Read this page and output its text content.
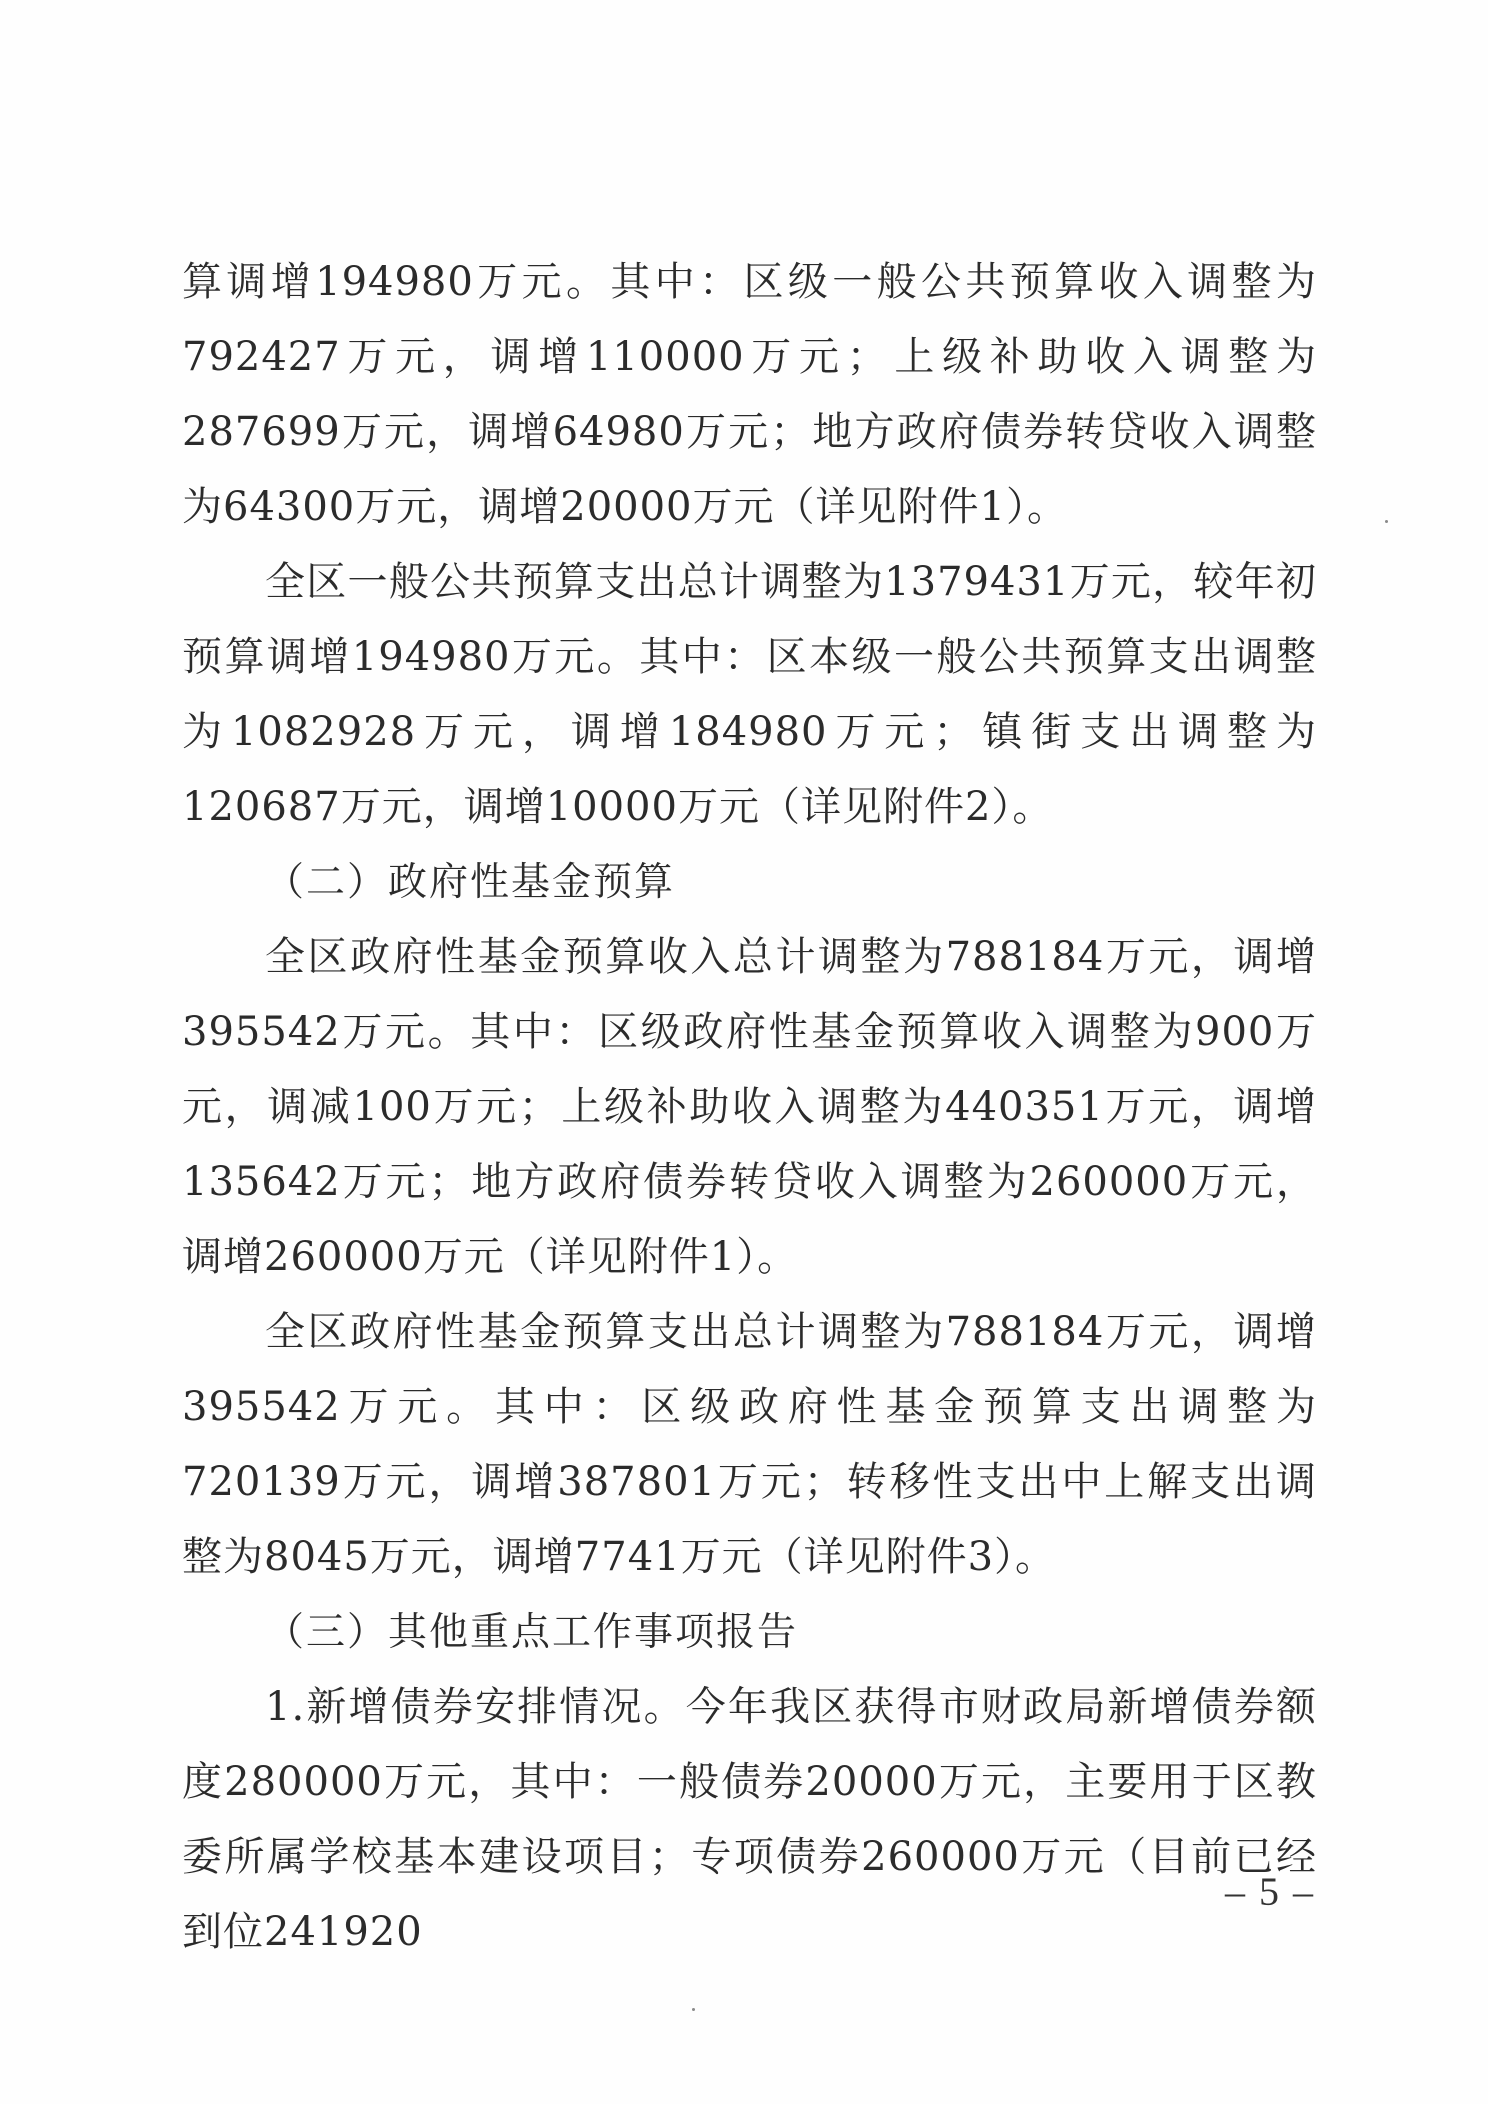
算调增194980万元。其中：区级一般公共预算收入调整为792427万元，调增110000万元；上级补助收入调整为287699万元，调增64980万元；地方政府债券转贷收入调整为64300万元，调增20000万元（详见附件1）。

全区一般公共预算支出总计调整为1379431万元，较年初预算调增194980万元。其中：区本级一般公共预算支出调整为1082928万元，调增184980万元；镇街支出调整为120687万元，调增10000万元（详见附件2）。

（二）政府性基金预算

全区政府性基金预算收入总计调整为788184万元，调增395542万元。其中：区级政府性基金预算收入调整为900万元，调减100万元；上级补助收入调整为440351万元，调增135642万元；地方政府债券转贷收入调整为260000万元，调增260000万元（详见附件1）。

全区政府性基金预算支出总计调整为788184万元，调增395542万元。其中：区级政府性基金预算支出调整为720139万元，调增387801万元；转移性支出中上解支出调整为8045万元，调增7741万元（详见附件3）。

（三）其他重点工作事项报告

1.新增债券安排情况。今年我区获得市财政局新增债券额度280000万元，其中：一般债券20000万元，主要用于区教委所属学校基本建设项目；专项债券260000万元（目前已经到位241920

– 5 –
